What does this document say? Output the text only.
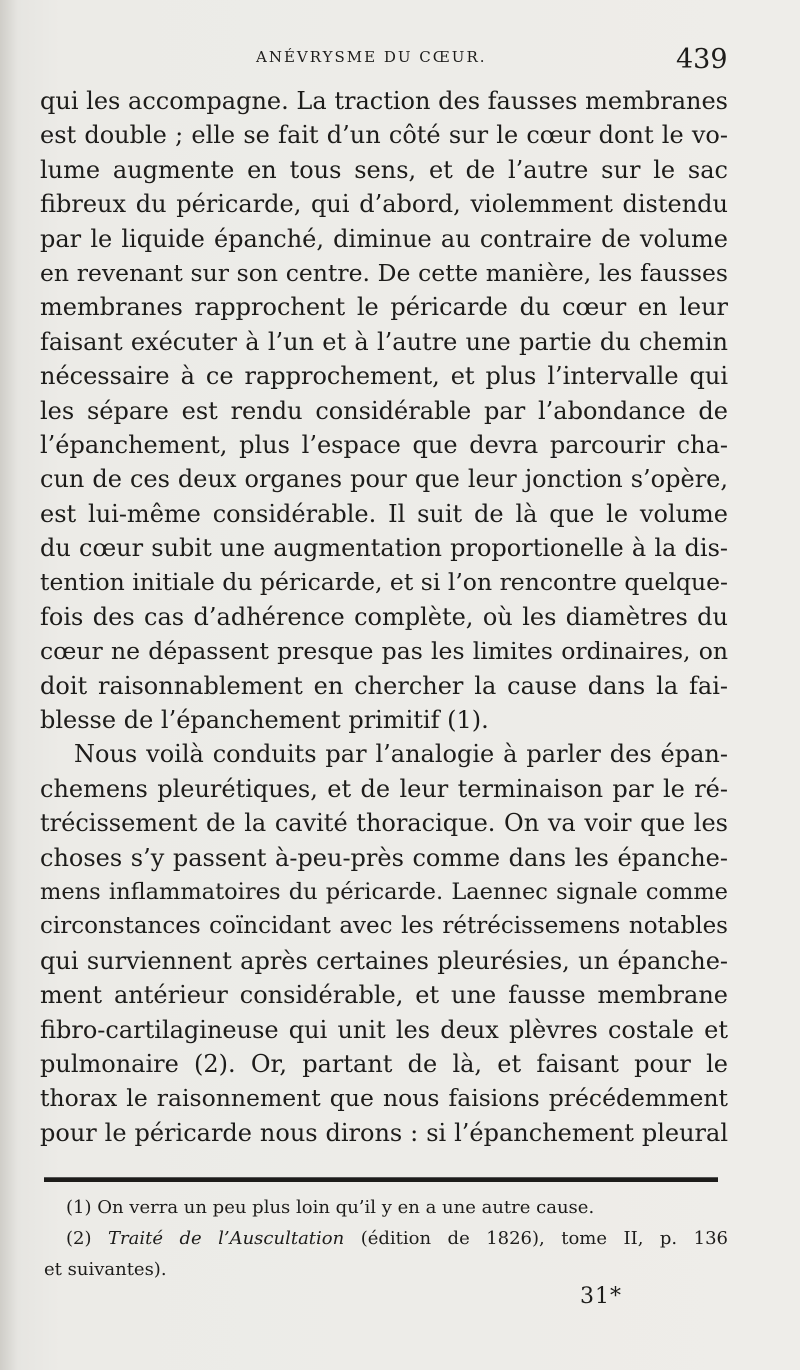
ANÉVRYSME DU CŒUR.	439
qui les accompagne. La traction des fausses membranes
est double ; elle se fait d’un côté sur le cœur dont le vo-
lume augmente en tous sens, et de l’autre sur le sac
fibreux du péricarde, qui d’abord, violemment distendu
par le liquide épanché, diminue au contraire de volume
en revenant sur son centre. De cette manière, les fausses
membranes rapprochent le péricarde du cœur en leur
faisant exécuter à l’un et à l’autre une partie du chemin
nécessaire à ce rapprochement, et plus l’intervalle qui
les sépare est rendu considérable par l’abondance de
l’épanchement, plus l’espace que devra parcourir cha-
cun de ces deux organes pour que leur jonction s’opère,
est lui-même considérable. Il suit de là que le volume
du cœur subit une augmentation proportionelle à la dis-
tention initiale du péricarde, et si l’on rencontre quelque-
fois des cas d’adhérence complète, où les diamètres du
cœur ne dépassent presque pas les limites ordinaires, on
doit raisonnablement en chercher la cause dans la fai-
blesse de l’épanchement primitif (1).
Nous voilà conduits par l’analogie à parler des épan-
chemens pleurétiques, et de leur terminaison par le ré-
trécissement de la cavité thoracique. On va voir que les
choses s’y passent à-peu-près comme dans les épanche-
mens inflammatoires du péricarde. Laennec signale comme
circonstances coïncidant avec les rétrécissemens notables
qui surviennent après certaines pleurésies, un épanche-
ment antérieur considérable, et une fausse membrane
fibro-cartilagineuse qui unit les deux plèvres costale et
pulmonaire (2). Or, partant de là, et faisant pour le
thorax le raisonnement que nous faisions précédemment
pour le péricarde nous dirons : si l’épanchement pleural
(1) On verra un peu plus loin qu’il y en a une autre cause.
(2) Traité de l’Auscultation (édition de 1826), tome II, p. 136
et suivantes).
31*
